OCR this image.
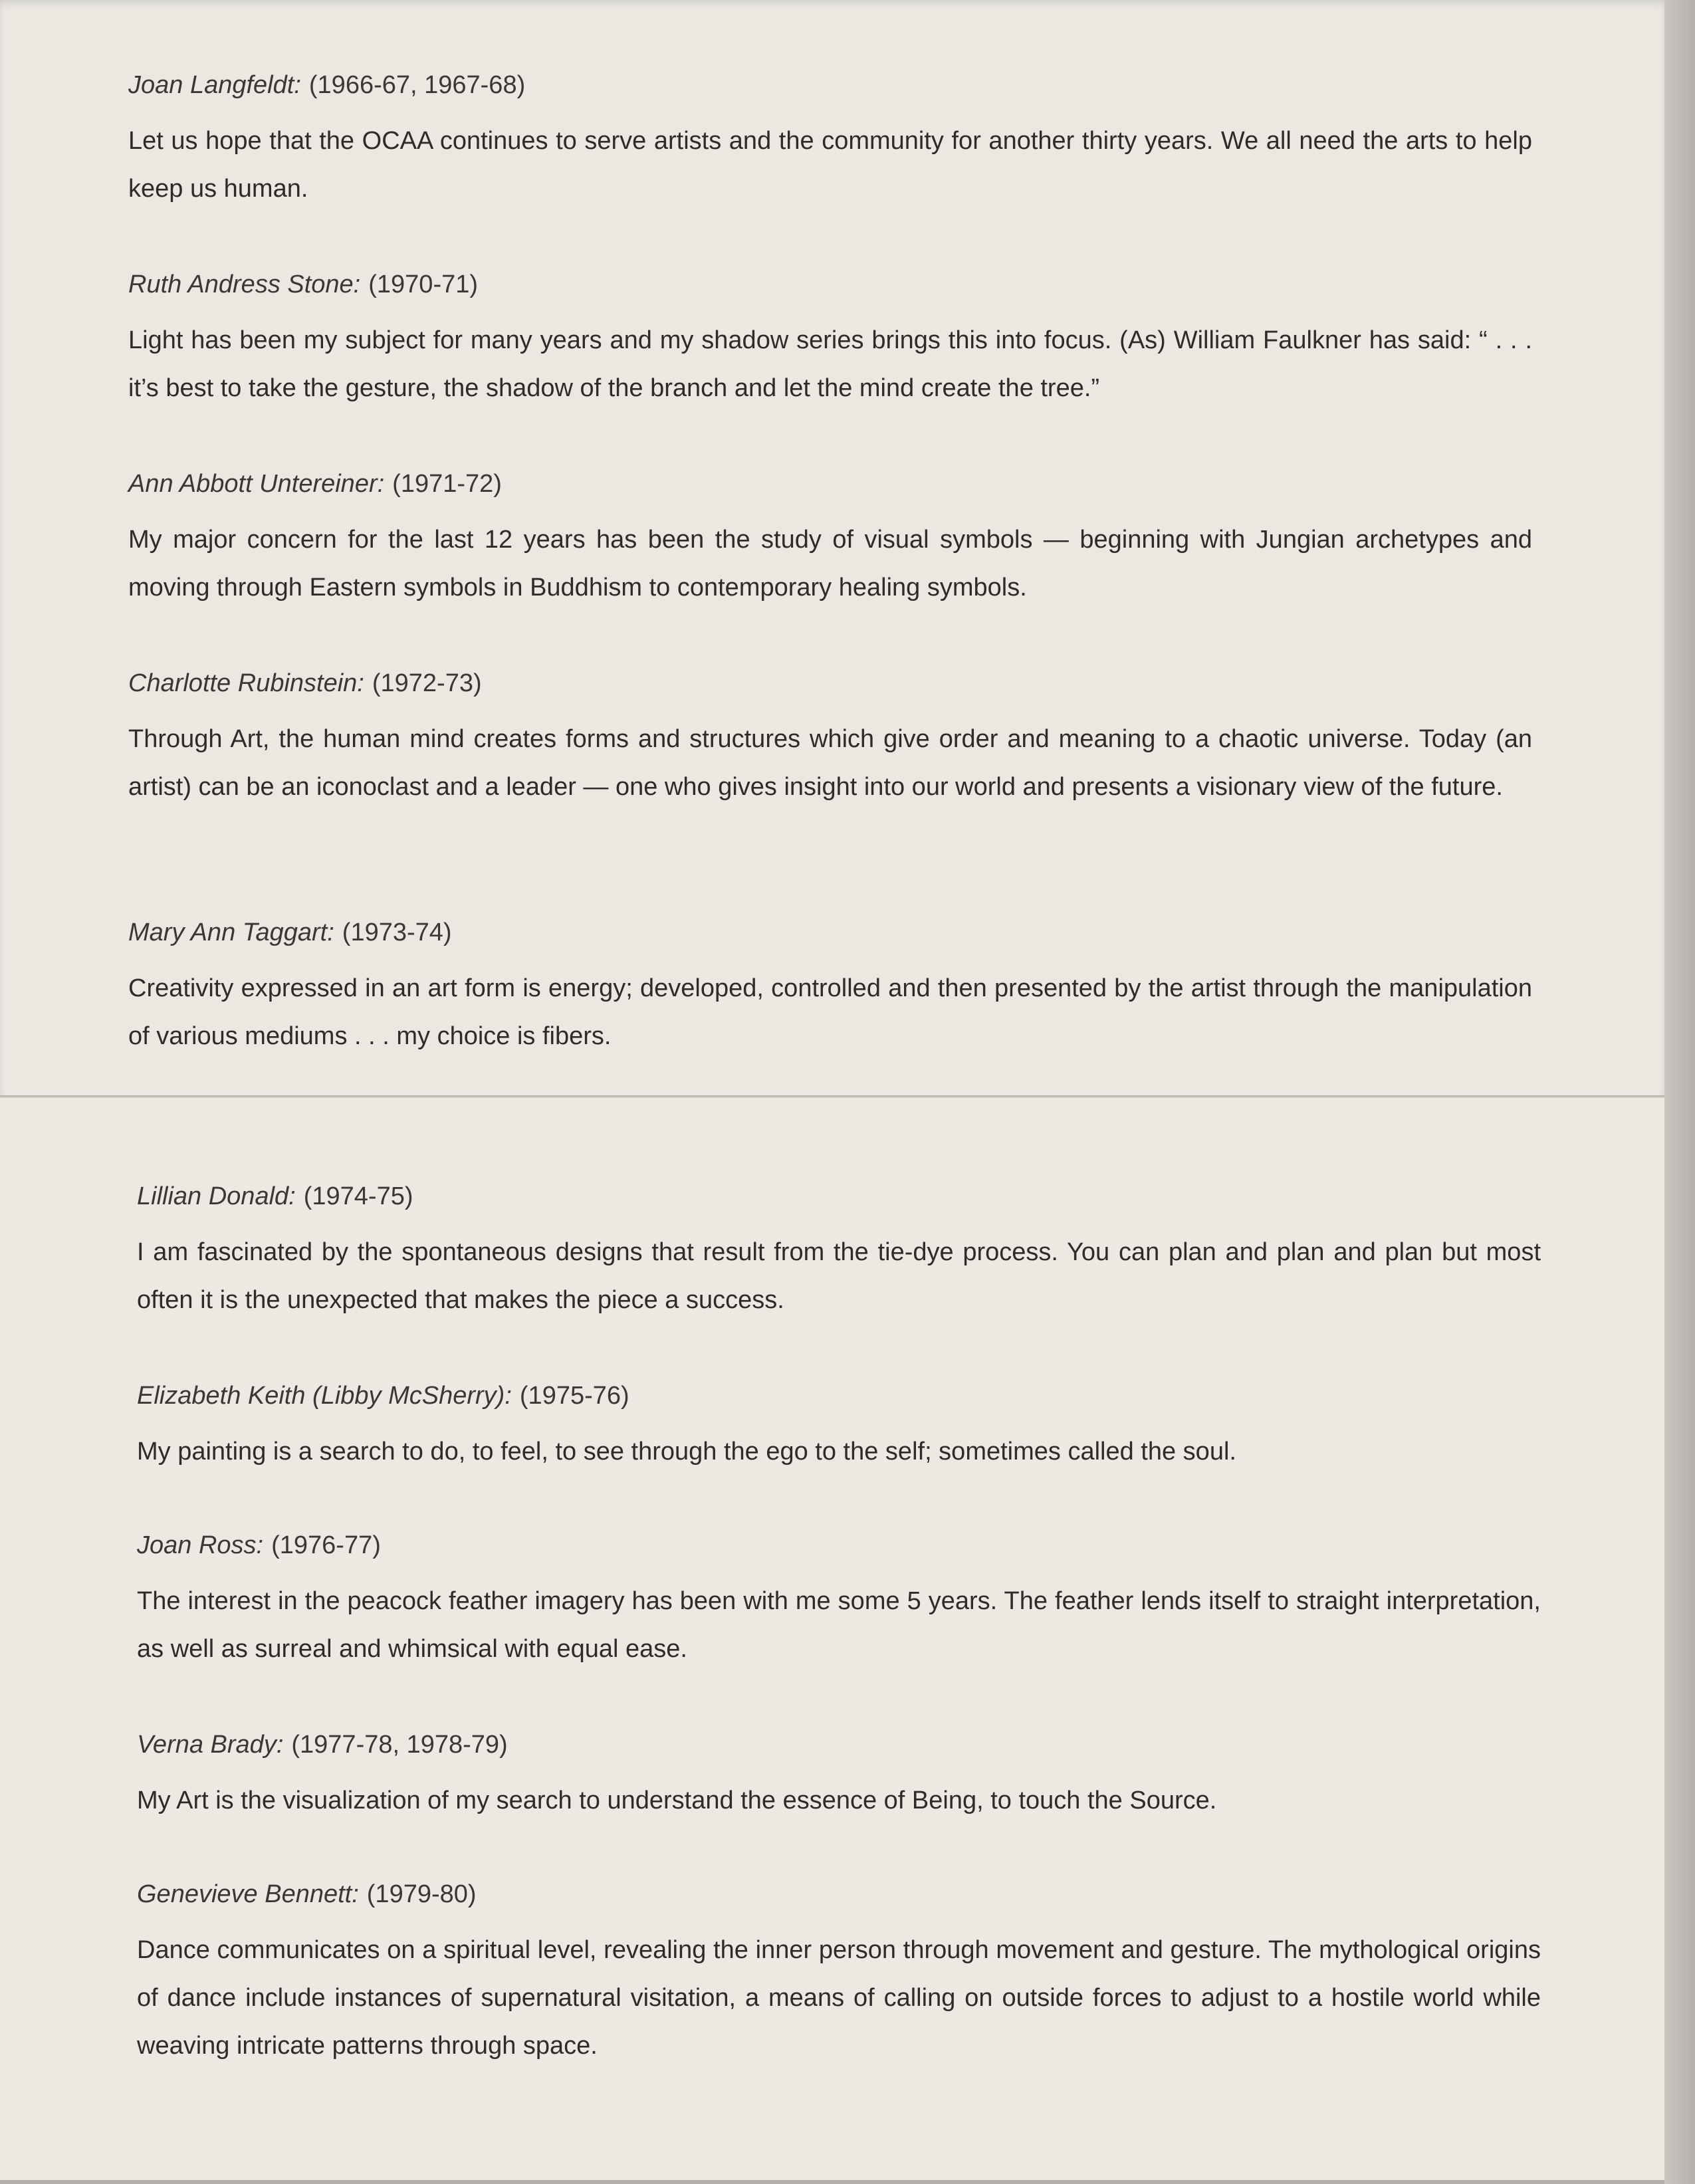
Joan Langfeldt: (1966-67, 1967-68)
Let us hope that the OCAA continues to serve artists and the community for another thirty years. We all need the arts to help keep us human.
Ruth Andress Stone: (1970-71)
Light has been my subject for many years and my shadow series brings this into focus. (As) William Faulkner has said: “ . . . it’s best to take the gesture, the shadow of the branch and let the mind create the tree.”
Ann Abbott Untereiner: (1971-72)
My major concern for the last 12 years has been the study of visual symbols — beginning with Jungian archetypes and moving through Eastern symbols in Buddhism to contemporary healing symbols.
Charlotte Rubinstein: (1972-73)
Through Art, the human mind creates forms and structures which give order and meaning to a chaotic universe. Today (an artist) can be an iconoclast and a leader — one who gives insight into our world and presents a visionary view of the future.
Mary Ann Taggart: (1973-74)
Creativity expressed in an art form is energy; developed, controlled and then presented by the artist through the manipulation of various mediums . . . my choice is fibers.
Lillian Donald: (1974-75)
I am fascinated by the spontaneous designs that result from the tie-dye process. You can plan and plan and plan but most often it is the unexpected that makes the piece a success.
Elizabeth Keith (Libby McSherry): (1975-76)
My painting is a search to do, to feel, to see through the ego to the self; sometimes called the soul.
Joan Ross: (1976-77)
The interest in the peacock feather imagery has been with me some 5 years. The feather lends itself to straight interpretation, as well as surreal and whimsical with equal ease.
Verna Brady: (1977-78, 1978-79)
My Art is the visualization of my search to understand the essence of Being, to touch the Source.
Genevieve Bennett: (1979-80)
Dance communicates on a spiritual level, revealing the inner person through movement and gesture. The mythological origins of dance include instances of supernatural visitation, a means of calling on outside forces to adjust to a hostile world while weaving intricate patterns through space.
